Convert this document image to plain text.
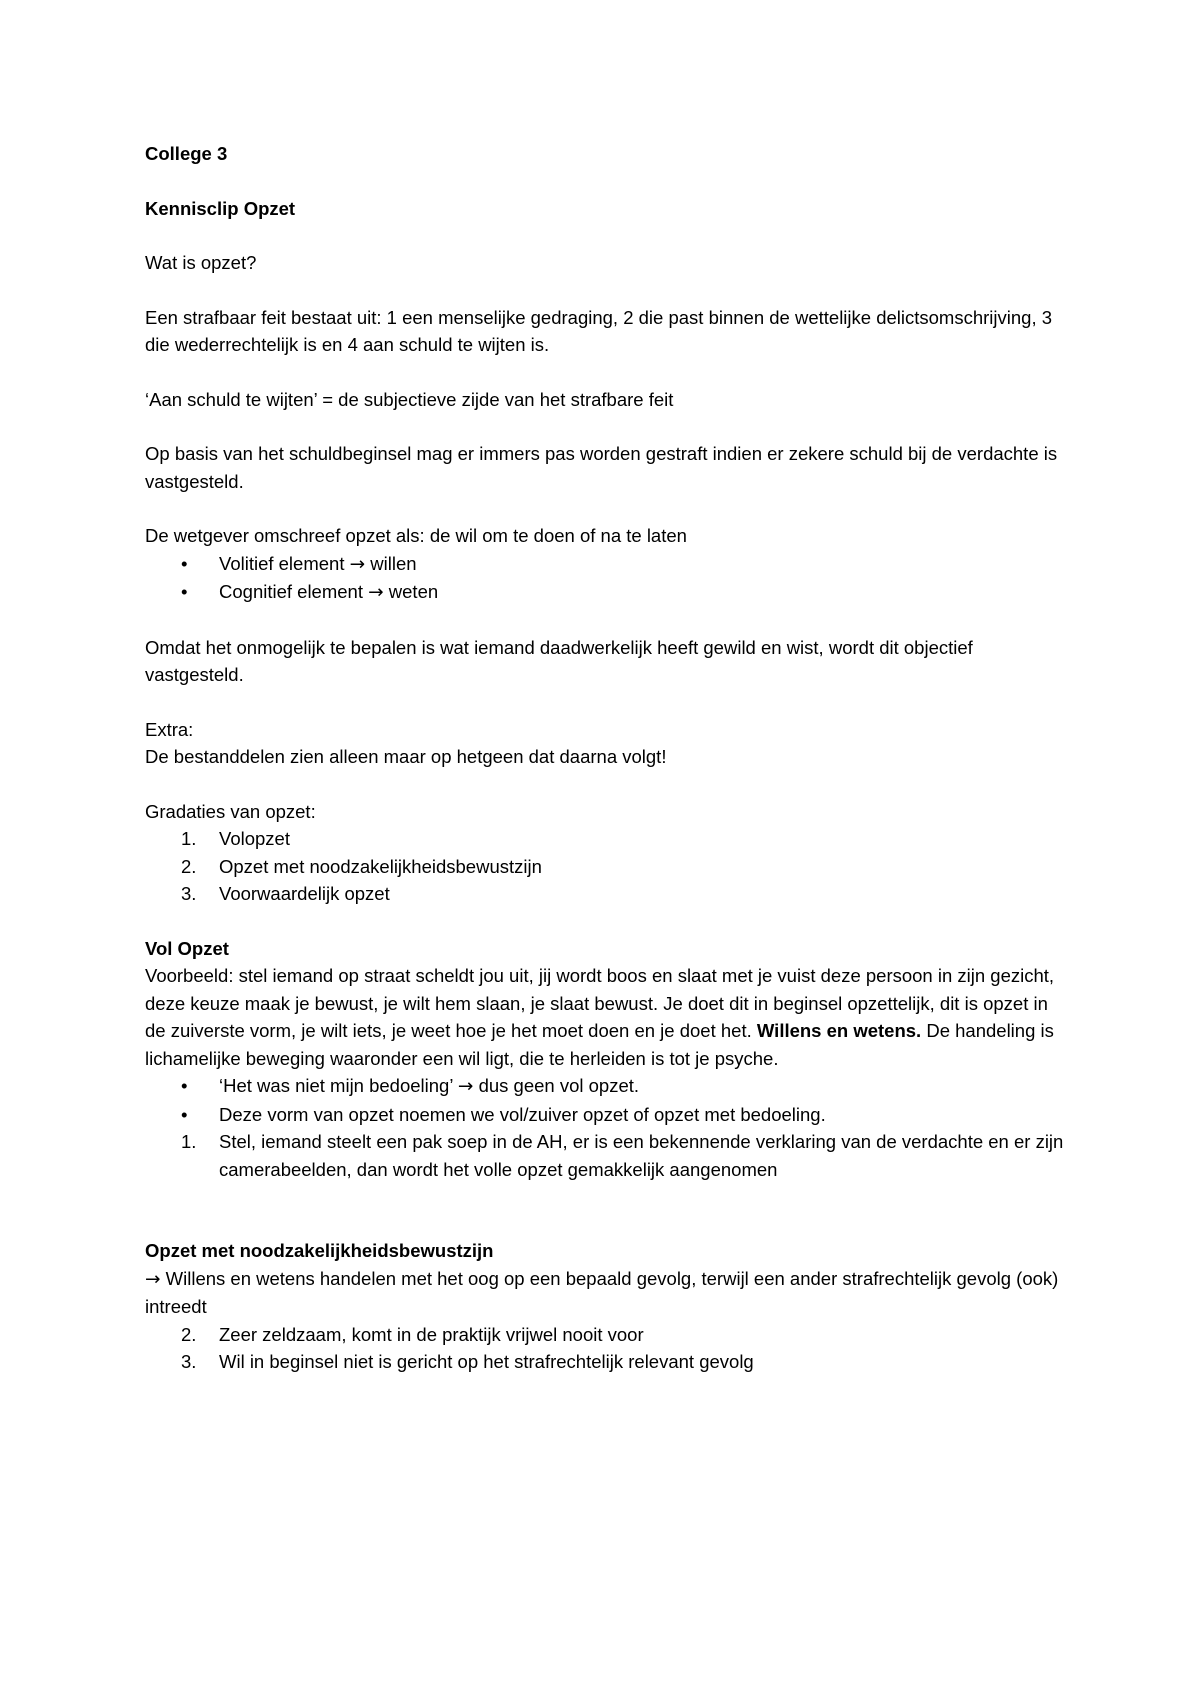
College 3

Kennisclip Opzet

Wat is opzet?

Een strafbaar feit bestaat uit: 1 een menselijke gedraging, 2 die past binnen de wettelijke delictsomschrijving, 3 die wederrechtelijk is en 4 aan schuld te wijten is.

‘Aan schuld te wijten’ = de subjectieve zijde van het strafbare feit

Op basis van het schuldbeginsel mag er immers pas worden gestraft indien er zekere schuld bij de verdachte is vastgesteld.

De wetgever omschreef opzet als: de wil om te doen of na te laten

• Volitief element → willen
• Cognitief element → weten

Omdat het onmogelijk te bepalen is wat iemand daadwerkelijk heeft gewild en wist, wordt dit objectief vastgesteld.

Extra:

De bestanddelen zien alleen maar op hetgeen dat daarna volgt!

Gradaties van opzet:

1. Volopzet
2. Opzet met noodzakelijkheidsbewustzijn
3. Voorwaardelijk opzet

Vol Opzet

Voorbeeld: stel iemand op straat scheldt jou uit, jij wordt boos en slaat met je vuist deze persoon in zijn gezicht, deze keuze maak je bewust, je wilt hem slaan, je slaat bewust. Je doet dit in beginsel opzettelijk, dit is opzet in de zuiverste vorm, je wilt iets, je weet hoe je het moet doen en je doet het. Willens en wetens. De handeling is lichamelijke beweging waaronder een wil ligt, die te herleiden is tot je psyche.

• ‘Het was niet mijn bedoeling’ → dus geen vol opzet.
• Deze vorm van opzet noemen we vol/zuiver opzet of opzet met bedoeling.
1. Stel, iemand steelt een pak soep in de AH, er is een bekennende verklaring van de verdachte en er zijn camerabeelden, dan wordt het volle opzet gemakkelijk aangenomen

Opzet met noodzakelijkheidsbewustzijn

→ Willens en wetens handelen met het oog op een bepaald gevolg, terwijl een ander strafrechtelijk gevolg (ook) intreedt

2. Zeer zeldzaam, komt in de praktijk vrijwel nooit voor
3. Wil in beginsel niet is gericht op het strafrechtelijk relevant gevolg
